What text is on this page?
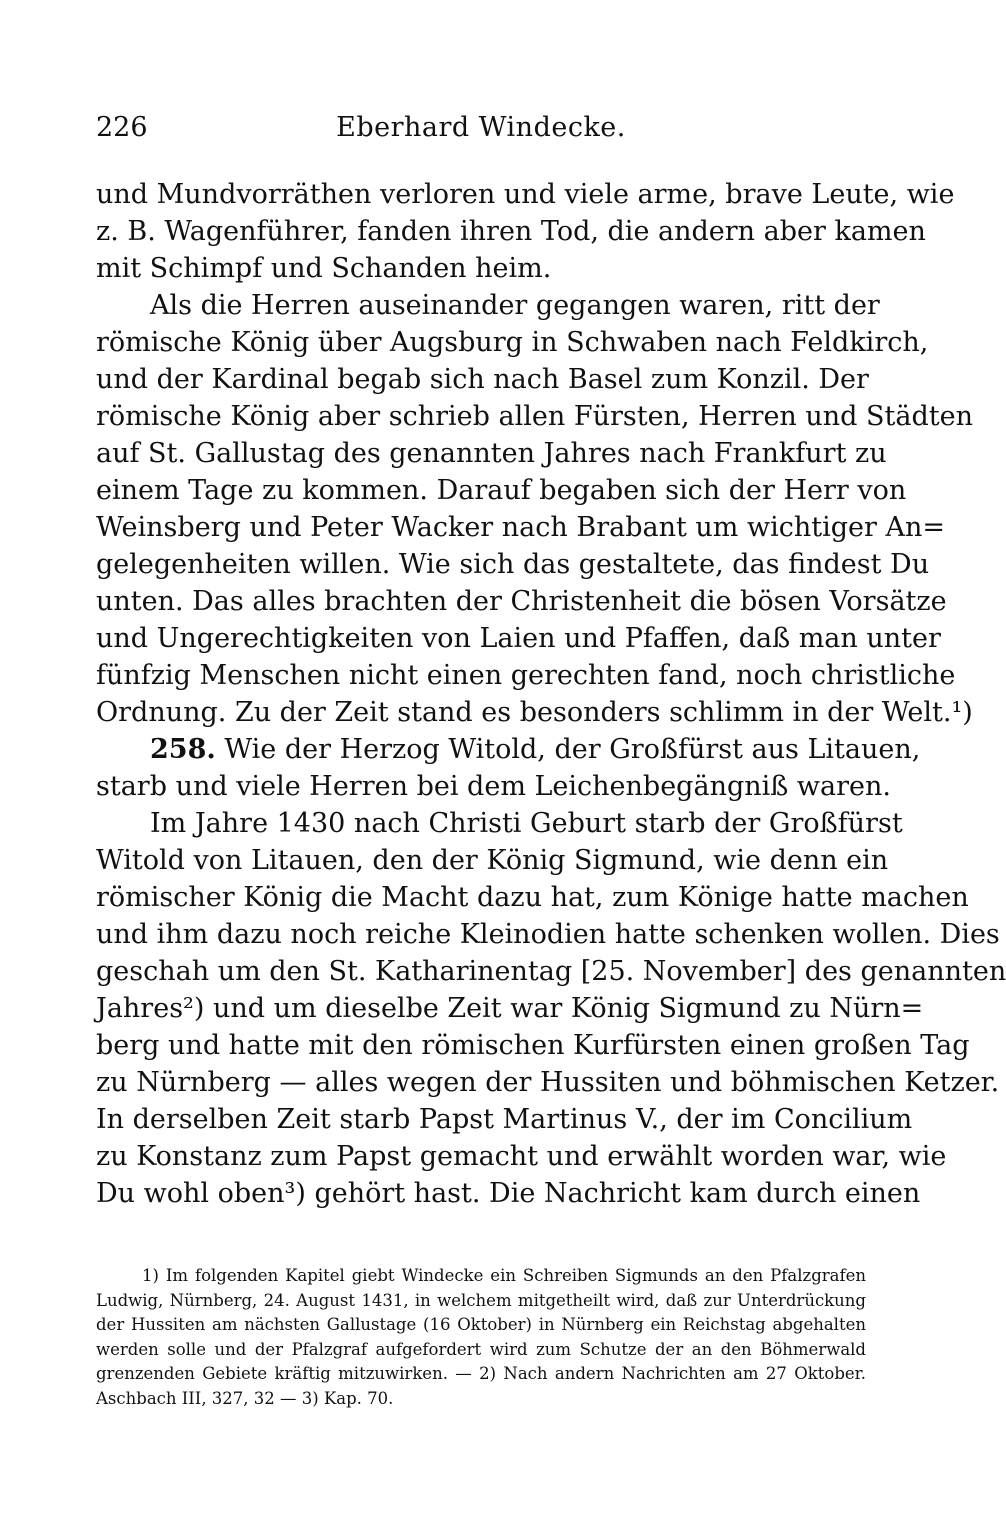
226	Eberhard Windecke.
und Mundvorräthen verloren und viele arme, brave Leute, wie
z. B. Wagenführer, fanden ihren Tod, die andern aber kamen
mit Schimpf und Schanden heim.
Als die Herren auseinander gegangen waren, ritt der
römische König über Augsburg in Schwaben nach Feldkirch,
und der Kardinal begab sich nach Basel zum Konzil. Der
römische König aber schrieb allen Fürsten, Herren und Städten
auf St. Gallustag des genannten Jahres nach Frankfurt zu
einem Tage zu kommen. Darauf begaben sich der Herr von
Weinsberg und Peter Wacker nach Brabant um wichtiger An=
gelegenheiten willen. Wie sich das gestaltete, das findest Du
unten. Das alles brachten der Christenheit die bösen Vorsätze
und Ungerechtigkeiten von Laien und Pfaffen, daß man unter
fünfzig Menschen nicht einen gerechten fand, noch christliche
Ordnung. Zu der Zeit stand es besonders schlimm in der Welt.¹)
258. Wie der Herzog Witold, der Großfürst aus Litauen,
starb und viele Herren bei dem Leichenbegängniß waren.
Im Jahre 1430 nach Christi Geburt starb der Großfürst
Witold von Litauen, den der König Sigmund, wie denn ein
römischer König die Macht dazu hat, zum Könige hatte machen
und ihm dazu noch reiche Kleinodien hatte schenken wollen. Dies
geschah um den St. Katharinentag [25. November] des genannten
Jahres²) und um dieselbe Zeit war König Sigmund zu Nürn=
berg und hatte mit den römischen Kurfürsten einen großen Tag
zu Nürnberg — alles wegen der Hussiten und böhmischen Ketzer.
In derselben Zeit starb Papst Martinus V., der im Concilium
zu Konstanz zum Papst gemacht und erwählt worden war, wie
Du wohl oben³) gehört hast. Die Nachricht kam durch einen
1) Im folgenden Kapitel giebt Windecke ein Schreiben Sigmunds an den Pfalzgrafen
Ludwig, Nürnberg, 24. August 1431, in welchem mitgetheilt wird, daß zur Unterdrückung
der Hussiten am nächsten Gallustage (16 Oktober) in Nürnberg ein Reichstag abgehalten
werden solle und der Pfalzgraf aufgefordert wird zum Schutze der an den Böhmerwald
grenzenden Gebiete kräftig mitzuwirken. — 2) Nach andern Nachrichten am 27 Oktober.
Aschbach III, 327, 32 — 3) Kap. 70.
